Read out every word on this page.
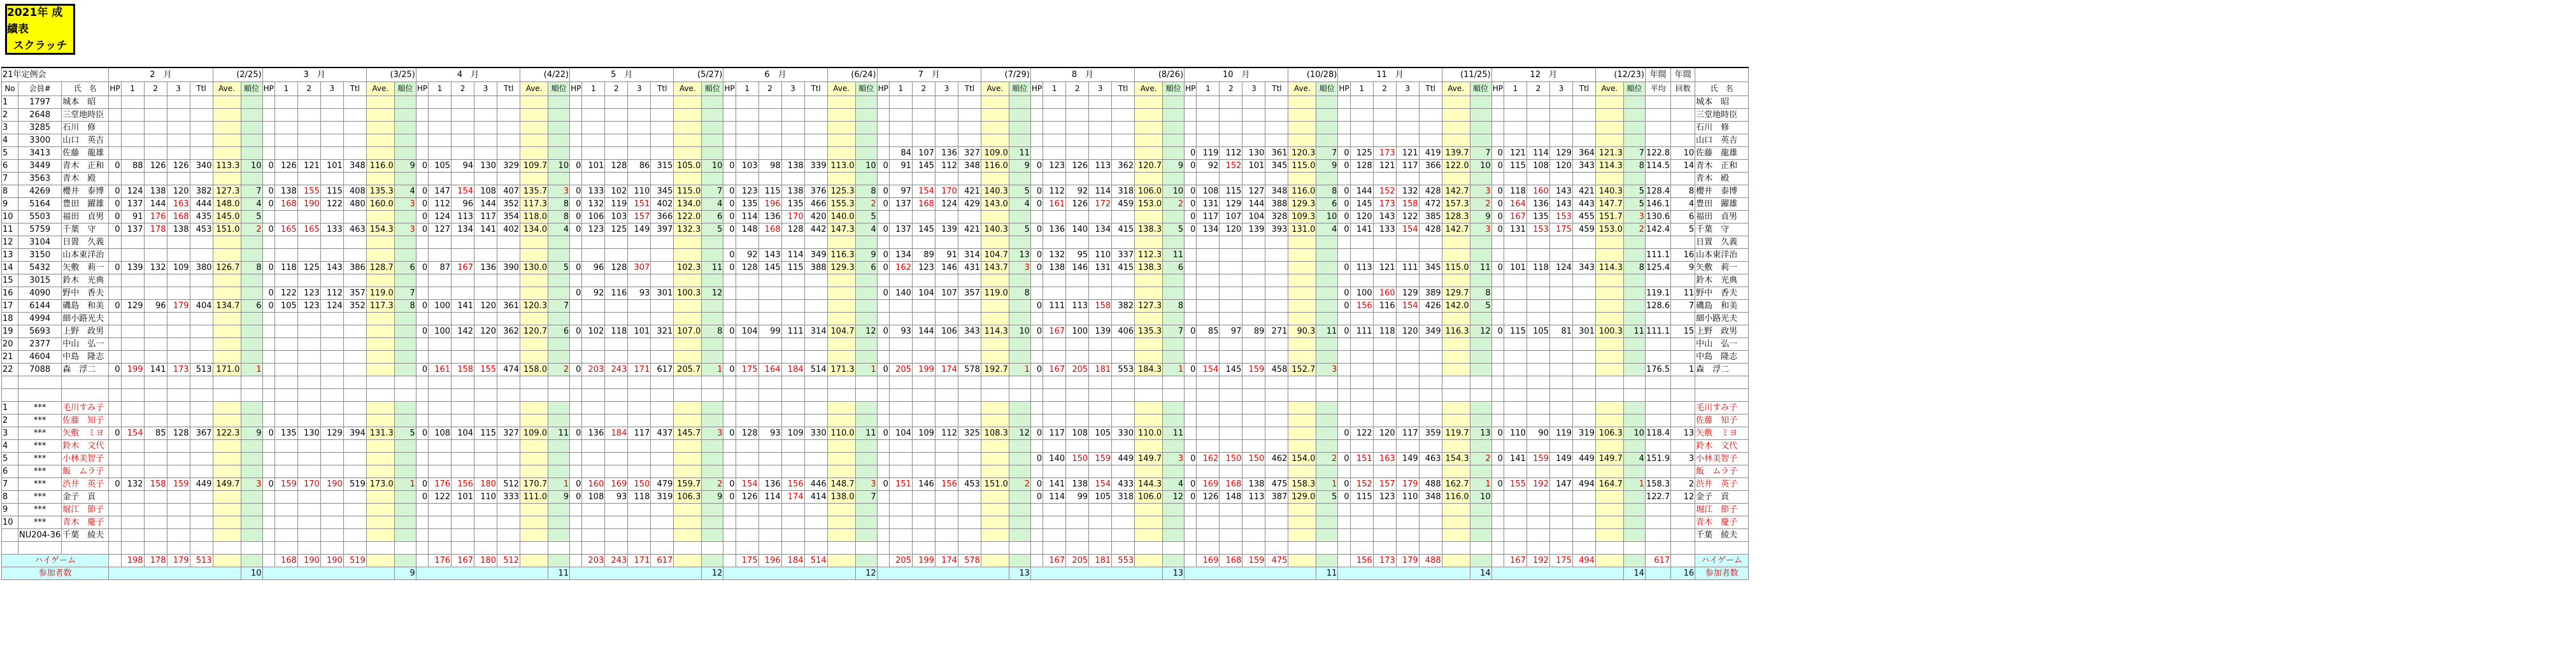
2021年 成績表
スクラッチ
21年定例会	2　月	(2/25)	3　月	(3/25)	4　月	(4/22)	5　月	(5/27)	6　月	(6/24)	7　月	(7/29)	8　月	(8/26)	10　月	(10/28)	11　月	(11/25)	12　月	(12/23)	年間	年間	
No	会員#	氏　名	HP	1	2	3	Ttl	Ave.	順位	HP	1	2	3	Ttl	Ave.	順位	HP	1	2	3	Ttl	Ave.	順位	HP	1	2	3	Ttl	Ave.	順位	HP	1	2	3	Ttl	Ave.	順位	HP	1	2	3	Ttl	Ave.	順位	HP	1	2	3	Ttl	Ave.	順位	HP	1	2	3	Ttl	Ave.	順位	HP	1	2	3	Ttl	Ave.	順位	HP	1	2	3	Ttl	Ave.	順位	平均	回数	氏　名
1	1797	城本　昭																																																																									城本　昭
2	2648	三堂地時臣																																																																									三堂地時臣
3	3285	石川　修																																																																									石川　修
4	3300	山口　英吉																																																																									山口　英吉
5	3413	佐藤　龍雄																																					84	107	136	327	109.0	11								0	119	112	130	361	120.3	7	0	125	173	121	419	139.7	7	0	121	114	129	364	121.3	7	122.8	10	佐藤　龍雄
6	3449	青木　正和	0	88	126	126	340	113.3	10	0	126	121	101	348	116.0	9	0	105	94	130	329	109.7	10	0	101	128	86	315	105.0	10	0	103	98	138	339	113.0	10	0	91	145	112	348	116.0	9	0	123	126	113	362	120.7	9	0	92	152	101	345	115.0	9	0	128	121	117	366	122.0	10	0	115	108	120	343	114.3	8	114.5	14	青木　正和
7	3563	青木　殿																																																																									青木　殿
8	4269	櫻井　泰博	0	124	138	120	382	127.3	7	0	138	155	115	408	135.3	4	0	147	154	108	407	135.7	3	0	133	102	110	345	115.0	7	0	123	115	138	376	125.3	8	0	97	154	170	421	140.3	5	0	112	92	114	318	106.0	10	0	108	115	127	348	116.0	8	0	144	152	132	428	142.7	3	0	118	160	143	421	140.3	5	128.4	8	櫻井　泰博
9	5164	豊田　躍雄	0	137	144	163	444	148.0	4	0	168	190	122	480	160.0	3	0	112	96	144	352	117.3	8	0	132	119	151	402	134.0	4	0	135	196	135	466	155.3	2	0	137	168	124	429	143.0	4	0	161	126	172	459	153.0	2	0	131	129	144	388	129.3	6	0	145	173	158	472	157.3	2	0	164	136	143	443	147.7	5	146.1	4	豊田　躍雄
10	5503	福田　貞男	0	91	176	168	435	145.0	5								0	124	113	117	354	118.0	8	0	106	103	157	366	122.0	6	0	114	136	170	420	140.0	5															0	117	107	104	328	109.3	10	0	120	143	122	385	128.3	9	0	167	135	153	455	151.7	3	130.6	6	福田　貞男
11	5759	千葉　守	0	137	178	138	453	151.0	2	0	165	165	133	463	154.3	3	0	127	134	141	402	134.0	4	0	123	125	149	397	132.3	5	0	148	168	128	442	147.3	4	0	137	145	139	421	140.3	5	0	136	140	134	415	138.3	5	0	134	120	139	393	131.0	4	0	141	133	154	428	142.7	3	0	131	153	175	459	153.0	2	142.4	5	千葉　守
12	3104	日置　久義																																																																									日置　久義
13	3150	山本東洋治																													0	92	143	114	349	116.3	9	0	134	89	91	314	104.7	13	0	132	95	110	337	112.3	11																						111.1	16	山本東洋治
14	5432	矢敷　莉一	0	139	132	109	380	126.7	8	0	118	125	143	386	128.7	6	0	87	167	136	390	130.0	5	0	96	128	307		102.3	11	0	128	145	115	388	129.3	6	0	162	123	146	431	143.7	3	0	138	146	131	415	138.3	6								0	113	121	111	345	115.0	11	0	101	118	124	343	114.3	8	125.4	9	矢敷　莉一
15	3015	鈴木　光典																																																																									鈴木　光典
16	4090	野中　香夫								0	122	123	112	357	119.0	7								0	92	116	93	301	100.3	12								0	140	104	107	357	119.0	8															0	100	160	129	389	129.7	8								119.1	11	野中　香夫
17	6144	磯島　和美	0	129	96	179	404	134.7	6	0	105	123	124	352	117.3	8	0	100	141	120	361	120.3	7																						0	111	113	158	382	127.3	8								0	156	116	154	426	142.0	5								128.6	7	磯島　和美
18	4994	細小路光夫																																																																									細小路光夫
19	5693	上野　政男															0	100	142	120	362	120.7	6	0	102	118	101	321	107.0	8	0	104	99	111	314	104.7	12	0	93	144	106	343	114.3	10	0	167	100	139	406	135.3	7	0	85	97	89	271	90.3	11	0	111	118	120	349	116.3	12	0	115	105	81	301	100.3	11	111.1	15	上野　政男
20	2377	中山　弘一																																																																									中山　弘一
21	4604	中島　隆志																																																																									中島　隆志
22	7088	森　浮二	0	199	141	173	513	171.0	1								0	161	158	155	474	158.0	2	0	203	243	171	617	205.7	1	0	175	164	184	514	171.3	1	0	205	199	174	578	192.7	1	0	167	205	181	553	184.3	1	0	154	145	159	458	152.7	3															176.5	1	森　浮二

1	***	毛川すみ子																																																																									毛川すみ子
2	***	佐藤　知子																																																																									佐藤　知子
3	***	矢敷　ミヨ	0	154	85	128	367	122.3	9	0	135	130	129	394	131.3	5	0	108	104	115	327	109.0	11	0	136	184	117	437	145.7	3	0	128	93	109	330	110.0	11	0	104	109	112	325	108.3	12	0	117	108	105	330	110.0	11								0	122	120	117	359	119.7	13	0	110	90	119	319	106.3	10	118.4	13	矢敷　ミヨ
4	***	鈴木　文代																																																																									鈴木　文代
5	***	小林美智子																																											0	140	150	159	449	149.7	3	0	162	150	150	462	154.0	2	0	151	163	149	463	154.3	2	0	141	159	149	449	149.7	4	151.9	3	小林美智子
6	***	飯　ムラ子																																																																									飯　ムラ子
7	***	渋井　英子	0	132	158	159	449	149.7	3	0	159	170	190	519	173.0	1	0	176	156	180	512	170.7	1	0	160	169	150	479	159.7	2	0	154	136	156	446	148.7	3	0	151	146	156	453	151.0	2	0	141	138	154	433	144.3	4	0	169	168	138	475	158.3	1	0	152	157	179	488	162.7	1	0	155	192	147	494	164.7	1	158.3	2	渋井　英子
8	***	金子　貢															0	122	101	110	333	111.0	9	0	108	93	118	319	106.3	9	0	126	114	174	414	138.0	7								0	114	99	105	318	106.0	12	0	126	148	113	387	129.0	5	0	115	123	110	348	116.0	10								122.7	12	金子　貢
9	***	堀江　節子																																																																									堀江　節子
10	***	青木　慶子																																																																									青木　慶子
	NU204-36	千葉　綾夫																																																																									千葉　綾夫

ハイゲーム		198	178	179	513				168	190	190	519				176	167	180	512				203	243	171	617				175	196	184	514				205	199	174	578				167	205	181	553				169	168	159	475				156	173	179	488				167	192	175	494			617		ハイゲーム
参加者数		10		9		11		12		12		13		13		11		14		14		16	参加者数
